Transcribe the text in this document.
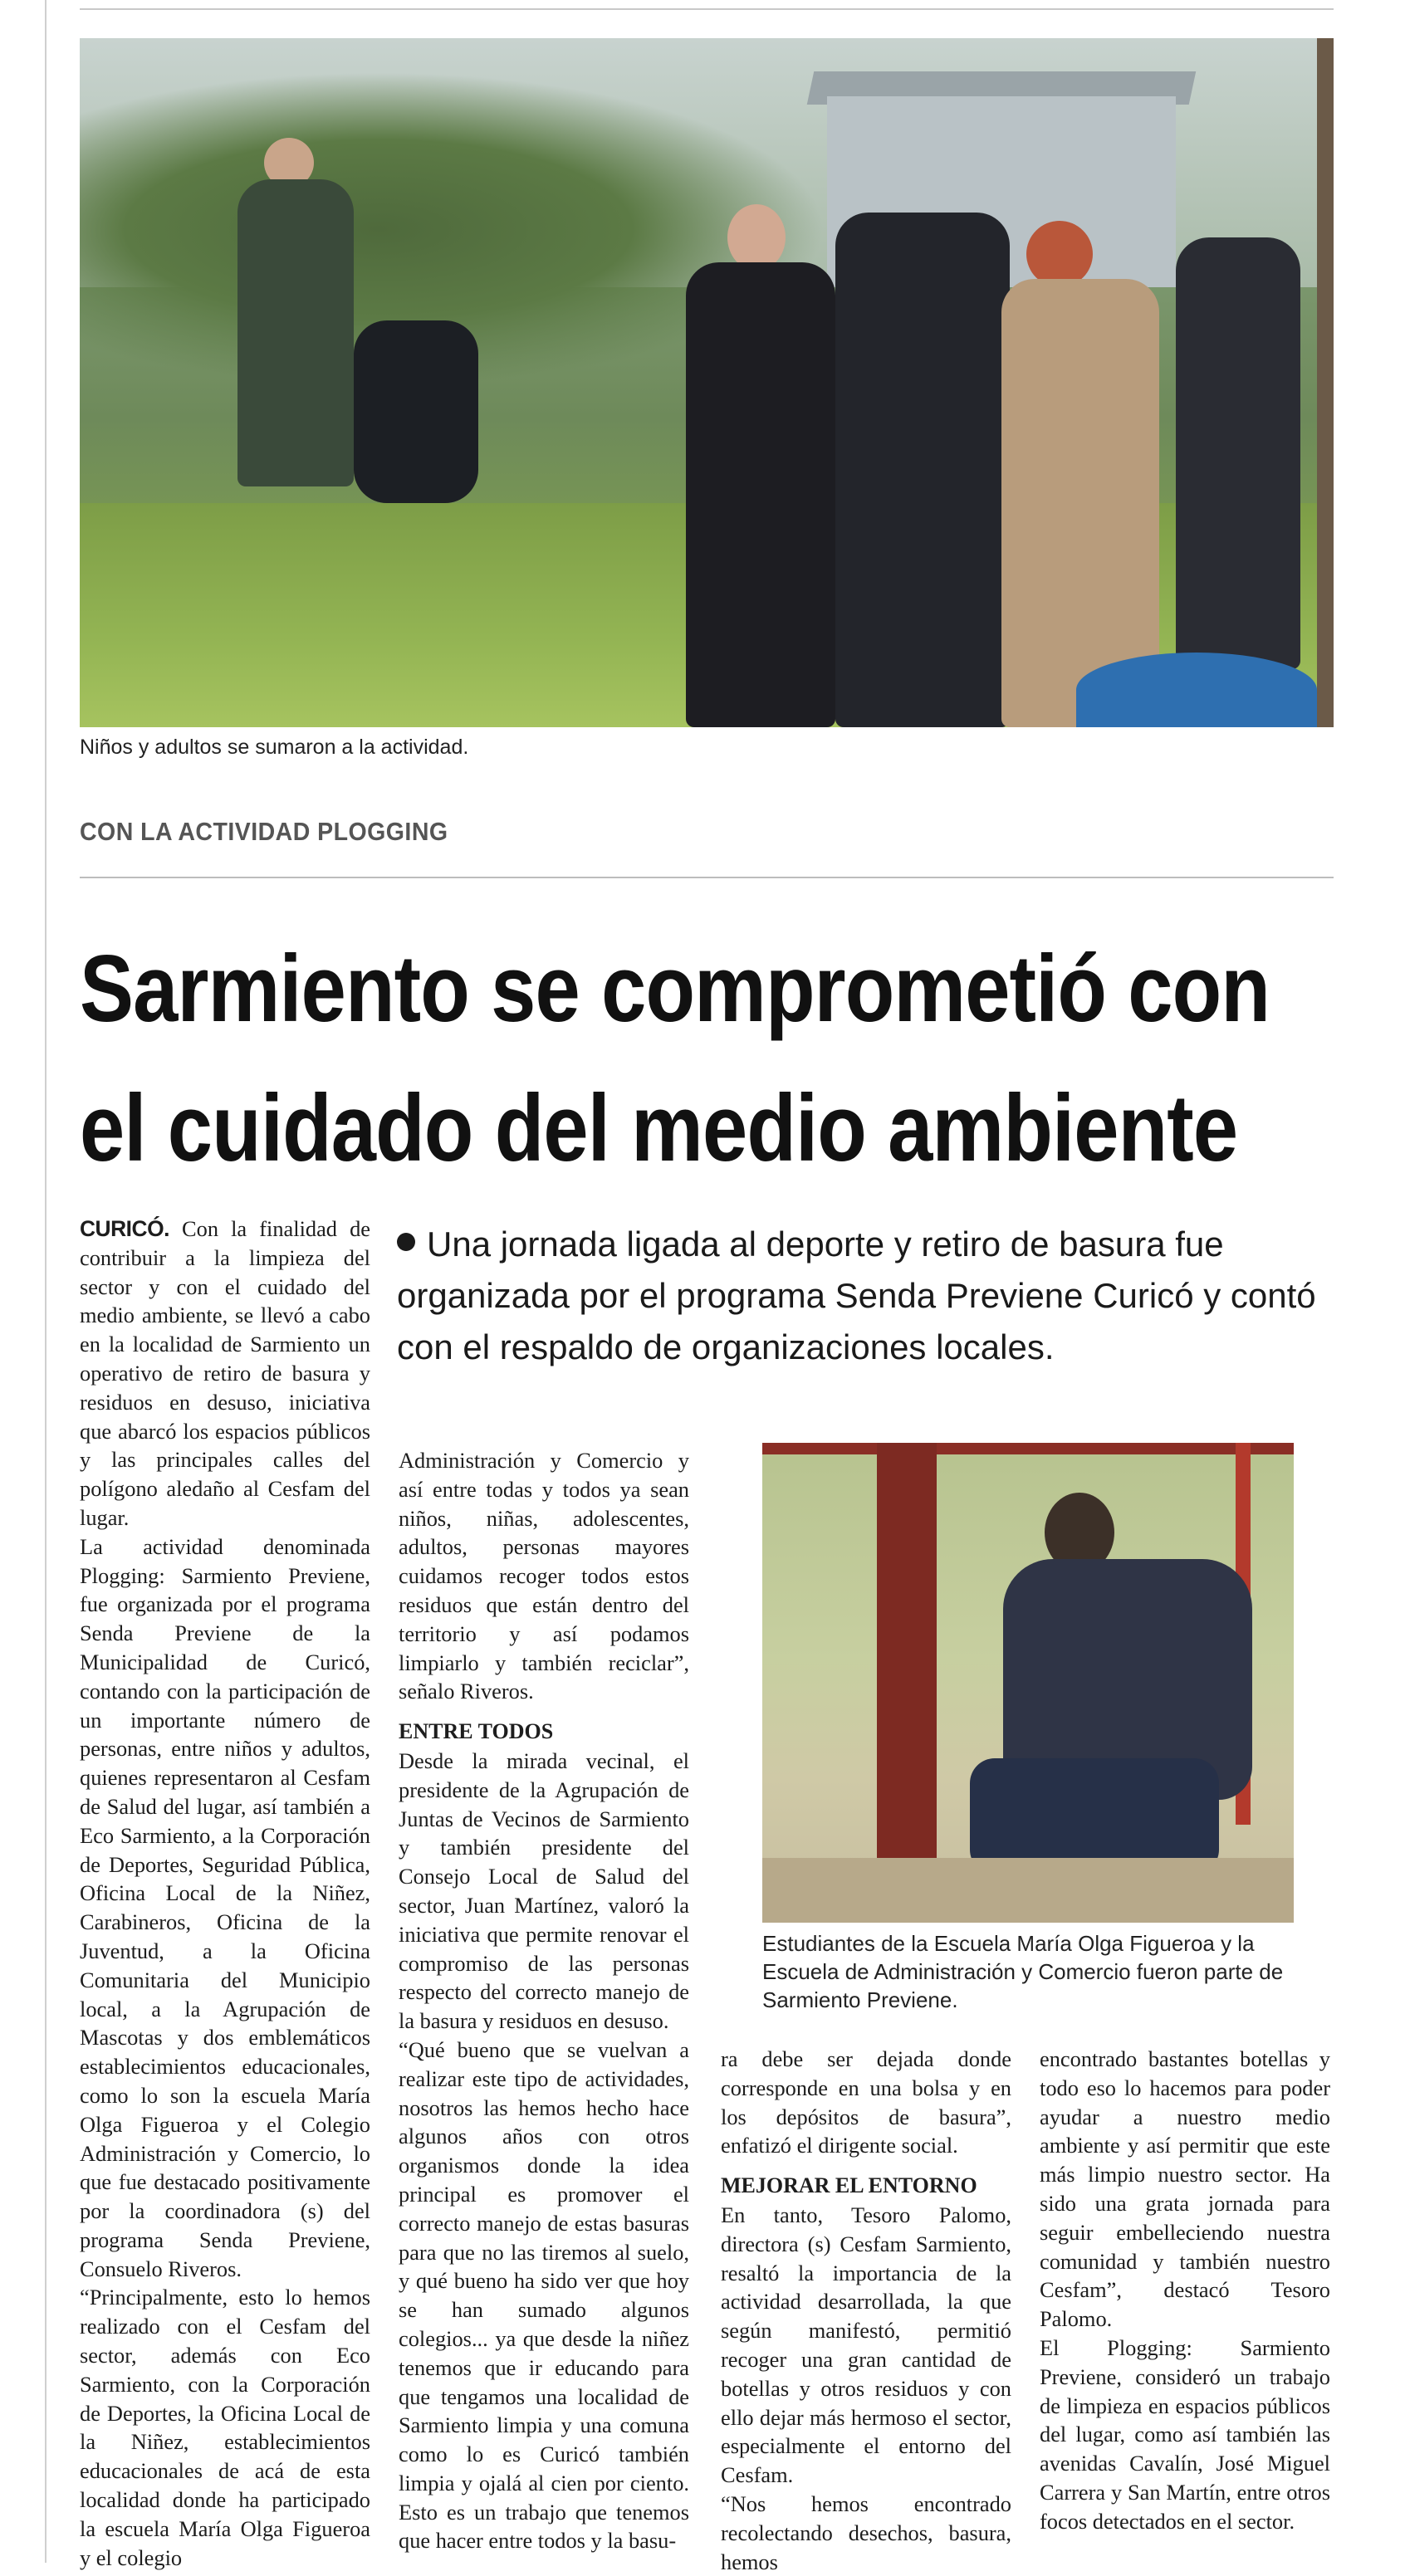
Niños y adultos se sumaron a la actividad.
CON LA ACTIVIDAD PLOGGING
Sarmiento se comprometió con
el cuidado del medio ambiente

CURICÓ. Con la finalidad de contribuir a la limpieza del sector y con el cuidado del medio ambiente, se llevó a cabo en la localidad de Sarmiento un operativo de retiro de basura y residuos en desuso, iniciativa que abarcó los espacios públicos y las principales calles del polígono aledaño al Cesfam del lugar.

La actividad denominada Plogging: Sarmiento Previene, fue organizada por el programa Senda Previene de la Municipalidad de Curicó, contando con la participación de un importante número de personas, entre niños y adultos, quienes representaron al Cesfam de Salud del lugar, así también a Eco Sarmiento, a la Corporación de Deportes, Seguridad Pública, Oficina Local de la Niñez, Carabineros, Oficina de la Juventud, a la Oficina Comunitaria del Municipio local, a la Agrupación de Mascotas y dos emblemáticos establecimientos educacionales, como lo son la escuela María Olga Figueroa y el Colegio Administración y Comercio, lo que fue destacado positivamente por la coordinadora (s) del programa Senda Previene, Consuelo Riveros.

“Principalmente, esto lo hemos realizado con el Cesfam del sector, además con Eco Sarmiento, con la Corporación de Deportes, la Oficina Local de la Niñez, establecimientos educacionales de acá de esta localidad donde ha participado la escuela María Olga Figueroa y el colegio

Una jornada ligada al deporte y retiro de basura fue organizada por el programa Senda Previene Curicó y contó con el respaldo de organizaciones locales.

Administración y Comercio y así entre todas y todos ya sean niños, niñas, adolescentes, adultos, personas mayores cuidamos recoger todos estos residuos que están dentro del territorio y así podamos limpiarlo y también reciclar”, señalo Riveros.

ENTRE TODOS

Desde la mirada vecinal, el presidente de la Agrupación de Juntas de Vecinos de Sarmiento y también presidente del Consejo Local de Salud del sector, Juan Martínez, valoró la iniciativa que permite renovar el compromiso de las personas respecto del correcto manejo de la basura y residuos en desuso.

“Qué bueno que se vuelvan a realizar este tipo de actividades, nosotros las hemos hecho hace algunos años con otros organismos donde la idea principal es promover el correcto manejo de estas basuras para que no las tiremos al suelo, y qué bueno ha sido ver que hoy se han sumado algunos colegios... ya que desde la niñez tenemos que ir educando para que tengamos una localidad de Sarmiento limpia y una comuna como lo es Curicó también limpia y ojalá al cien por ciento. Esto es un trabajo que tenemos que hacer entre todos y la basu-

Estudiantes de la Escuela María Olga Figueroa y la Escuela de Administración y Comercio fueron parte de Sarmiento Previene.

ra debe ser dejada donde corresponde en una bolsa y en los depósitos de basura”, enfatizó el dirigente social.

MEJORAR EL ENTORNO

En tanto, Tesoro Palomo, directora (s) Cesfam Sarmiento, resaltó la importancia de la actividad desarrollada, la que según manifestó, permitió recoger una gran cantidad de botellas y otros residuos y con ello dejar más hermoso el sector, especialmente el entorno del Cesfam.

“Nos hemos encontrado recolectando desechos, basura, hemos

encontrado bastantes botellas y todo eso lo hacemos para poder ayudar a nuestro medio ambiente y así permitir que este más limpio nuestro sector. Ha sido una grata jornada para seguir embelleciendo nuestra comunidad y también nuestro Cesfam”, destacó Tesoro Palomo.

El Plogging: Sarmiento Previene, consideró un trabajo de limpieza en espacios públicos del lugar, como así también las avenidas Cavalín, José Miguel Carrera y San Martín, entre otros focos detectados en el sector.
